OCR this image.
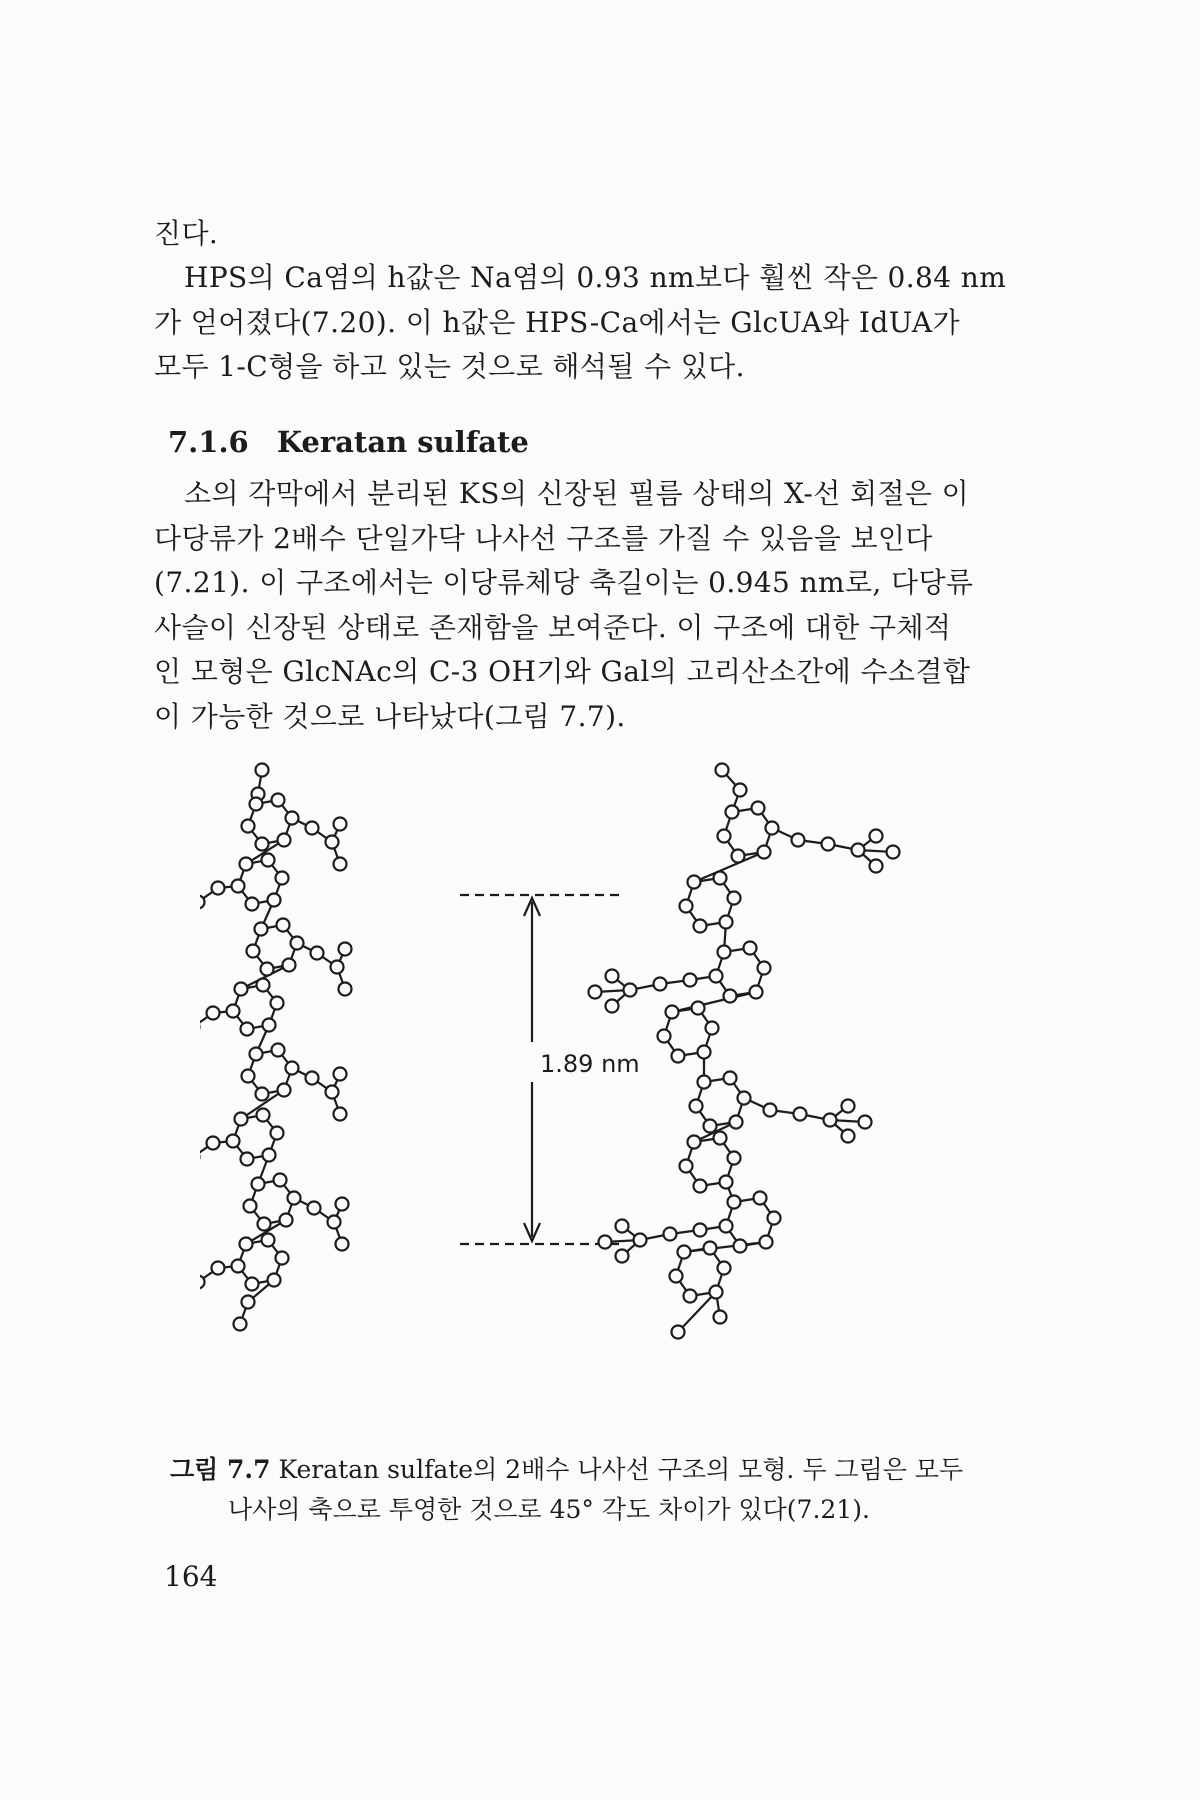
진다.
HPS의 Ca염의 h값은 Na염의 0.93 nm보다 훨씬 작은 0.84 nm
가 얻어졌다(7.20). 이 h값은 HPS-Ca에서는 GlcUA와 IdUA가
모두 1-C형을 하고 있는 것으로 해석될 수 있다.
7.1.6 Keratan sulfate
소의 각막에서 분리된 KS의 신장된 필름 상태의 X-선 회절은 이
다당류가 2배수 단일가닥 나사선 구조를 가질 수 있음을 보인다
(7.21). 이 구조에서는 이당류체당 축길이는 0.945 nm로, 다당류
사슬이 신장된 상태로 존재함을 보여준다. 이 구조에 대한 구체적
인 모형은 GlcNAc의 C-3 OH기와 Gal의 고리산소간에 수소결합
이 가능한 것으로 나타났다(그림 7.7).
1.89 nm
그림 7.7 Keratan sulfate의 2배수 나사선 구조의 모형. 두 그림은 모두
나사의 축으로 투영한 것으로 45° 각도 차이가 있다(7.21).
164
